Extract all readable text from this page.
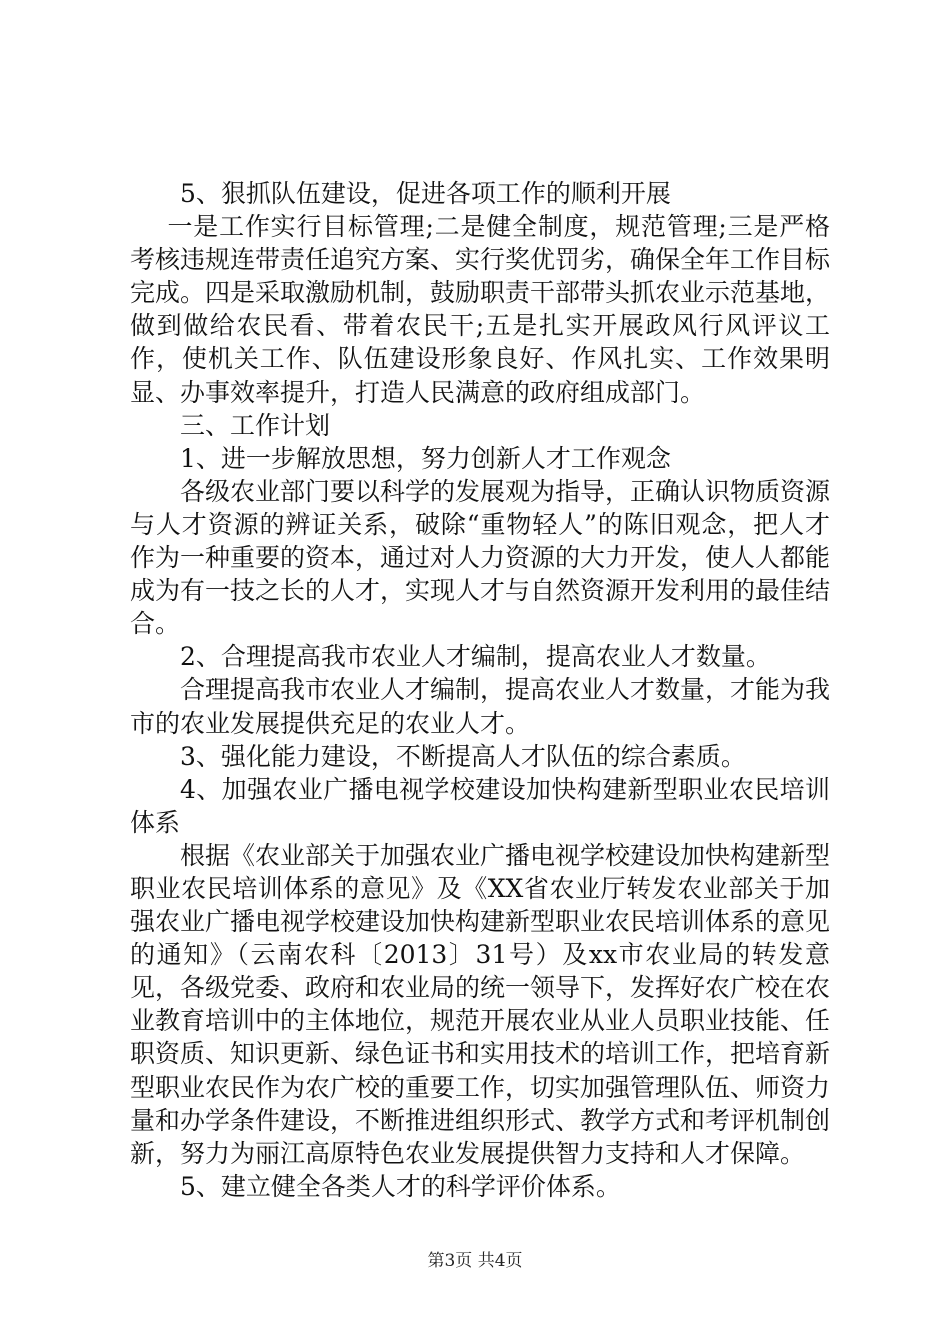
5、狠抓队伍建设，促进各项工作的顺利开展

一是工作实行目标管理;二是健全制度，规范管理;三是严格考核违规连带责任追究方案、实行奖优罚劣，确保全年工作目标完成。四是采取激励机制，鼓励职责干部带头抓农业示范基地，做到做给农民看、带着农民干;五是扎实开展政风行风评议工作，使机关工作、队伍建设形象良好、作风扎实、工作效果明显、办事效率提升，打造人民满意的政府组成部门。

三、工作计划

1、进一步解放思想，努力创新人才工作观念

各级农业部门要以科学的发展观为指导，正确认识物质资源与人才资源的辨证关系，破除“重物轻人”的陈旧观念，把人才作为一种重要的资本，通过对人力资源的大力开发，使人人都能成为有一技之长的人才，实现人才与自然资源开发利用的最佳结合。

2、合理提高我市农业人才编制，提高农业人才数量。

合理提高我市农业人才编制，提高农业人才数量，才能为我市的农业发展提供充足的农业人才。

3、强化能力建设，不断提高人才队伍的综合素质。

4、加强农业广播电视学校建设加快构建新型职业农民培训体系

根据《农业部关于加强农业广播电视学校建设加快构建新型职业农民培训体系的意见》及《XX省农业厅转发农业部关于加强农业广播电视学校建设加快构建新型职业农民培训体系的意见的通知》（云南农科〔2013〕31号）及xx市农业局的转发意见，各级党委、政府和农业局的统一领导下，发挥好农广校在农业教育培训中的主体地位，规范开展农业从业人员职业技能、任职资质、知识更新、绿色证书和实用技术的培训工作，把培育新型职业农民作为农广校的重要工作，切实加强管理队伍、师资力量和办学条件建设，不断推进组织形式、教学方式和考评机制创新，努力为丽江高原特色农业发展提供智力支持和人才保障。

5、建立健全各类人才的科学评价体系。

第3页 共4页
